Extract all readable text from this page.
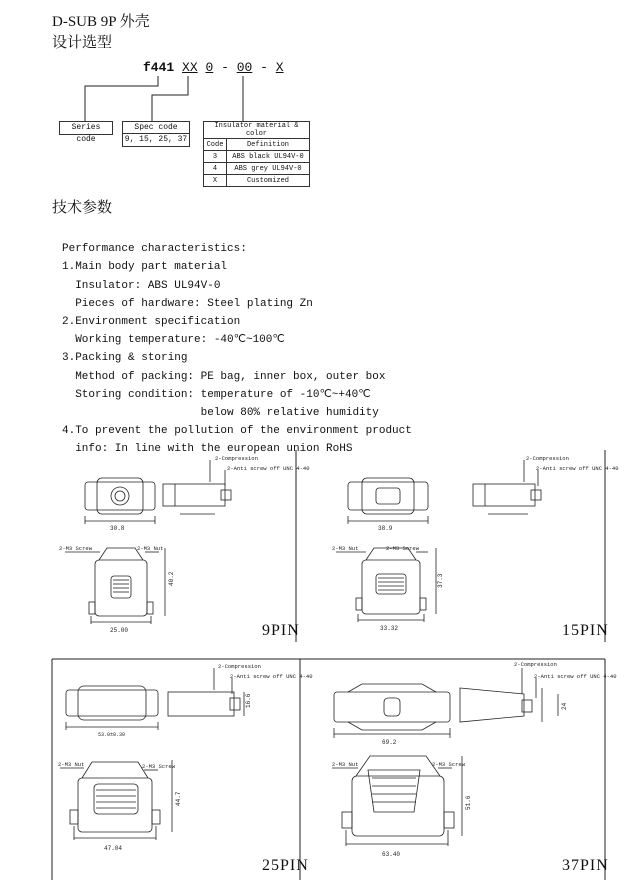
D-SUB 9P 外壳
设计选型
技术参数
f441 XX 0 - 00 - X
Series code
Spec code
9, 15, 25, 37
Insulator material & color	
Code	Definition
3	ABS black UL94V-0
4	ABS grey UL94V-0
X	Customized

Performance characteristics:
1.Main body part material
Insulator: ABS UL94V-0
Pieces of hardware: Steel plating Zn
2.Environment specification
Working temperature: -40℃~100℃
3.Packing & storing
Method of packing: PE bag, inner box, outer box
Storing condition: temperature of -10℃~+40℃
below 80% relative humidity
4.To prevent the pollution of the environment product
info: In line with the european union RoHS

30.8
25.00
40.2
2-Compression
2-Anti screw off UNC 4-40
2-M3 Screw	2-M3 Nut
9PIN
38.9
33.32
37.3
2-Compression
2-Anti screw off UNC 4-40
2-M3 Screw
2-M3 Nut
15PIN
53.0±0.30
47.04
44.7
16.6
2-Compression
2-Anti screw off UNC 4-40
2-M3 Nut	2-M3 Screw
25PIN
69.2
63.40
51.6
24
2-Compression
2-Anti screw off UNC 4-40
2-M3 Nut	2-M3 Screw
37PIN
